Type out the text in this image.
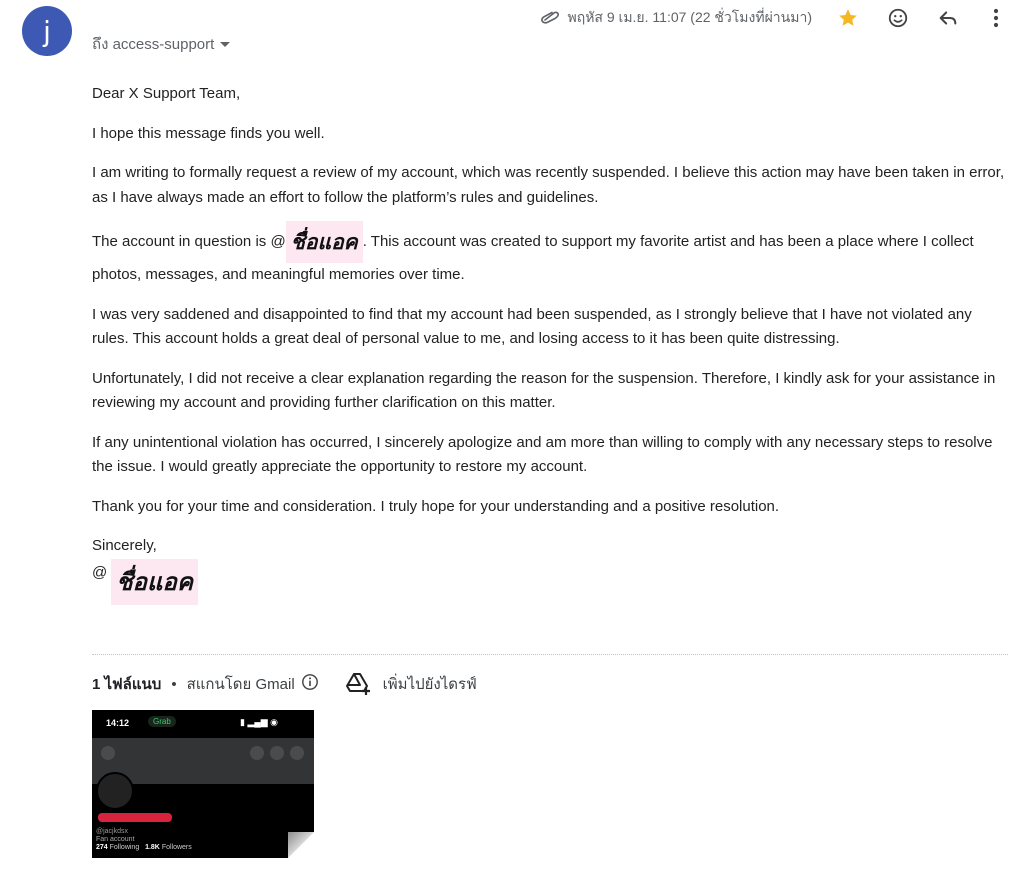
j	ถึง access-support
พฤหัส 9 เม.ย. 11:07 (22 ชั่วโมงที่ผ่านมา)

Dear X Support Team,

I hope this message finds you well.

I am writing to formally request a review of my account, which was recently suspended. I believe this action may have been taken in error, as I have always made an effort to follow the platform’s rules and guidelines.

The account in question is @ ชื่อแอค . This account was created to support my favorite artist and has been a place where I collect photos, messages, and meaningful memories over time.

I was very saddened and disappointed to find that my account had been suspended, as I strongly believe that I have not violated any rules. This account holds a great deal of personal value to me, and losing access to it has been quite distressing.

Unfortunately, I did not receive a clear explanation regarding the reason for the suspension. Therefore, I kindly ask for your assistance in reviewing my account and providing further clarification on this matter.

If any unintentional violation has occurred, I sincerely apologize and am more than willing to comply with any necessary steps to resolve the issue. I would greatly appreciate the opportunity to restore my account.

Thank you for your time and consideration. I truly hope for your understanding and a positive resolution.

Sincerely,

@ ชื่อแอค
1 ไฟล์แนบ • สแกนโดย Gmail	เพิ่มไปยังไดรฟ์
14:12	Grab	▮ ▂▄▆ ◉
@jacjkdsx
Fan account
274 Following 1.8K Followers
